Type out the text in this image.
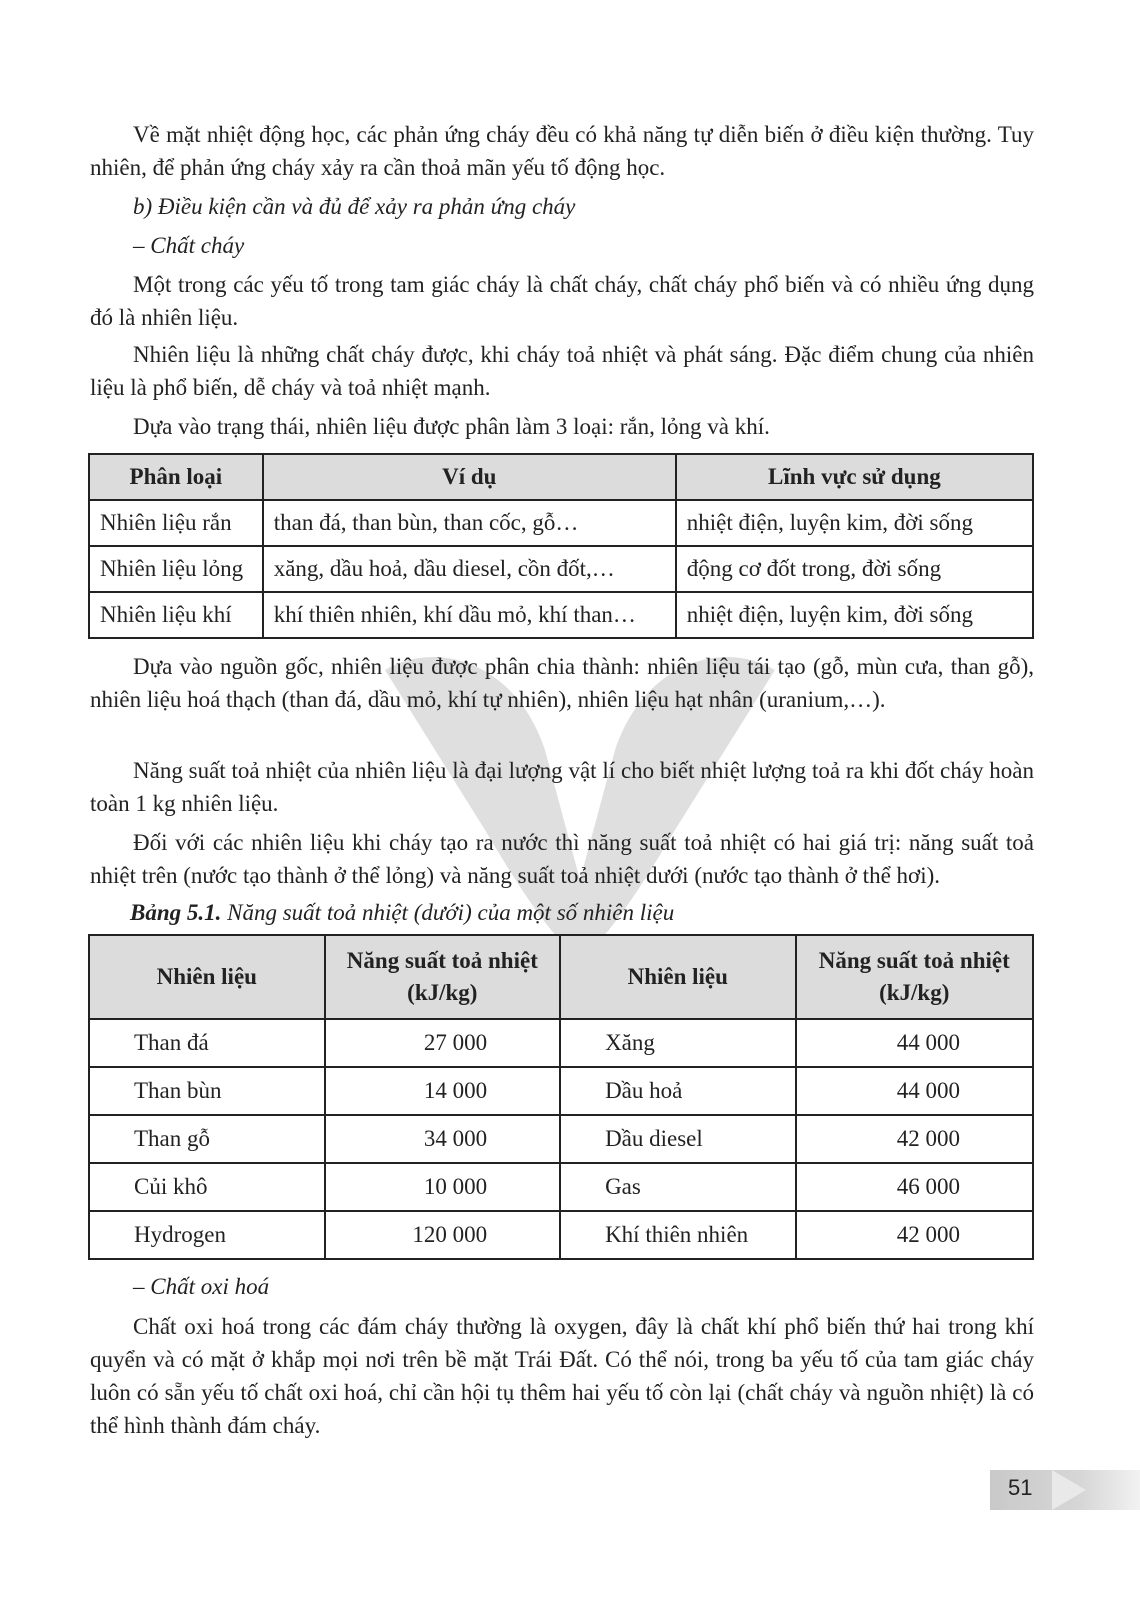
Về mặt nhiệt động học, các phản ứng cháy đều có khả năng tự diễn biến ở điều kiện thường. Tuy nhiên, để phản ứng cháy xảy ra cần thoả mãn yếu tố động học.

b) Điều kiện cần và đủ để xảy ra phản ứng cháy

– Chất cháy

Một trong các yếu tố trong tam giác cháy là chất cháy, chất cháy phổ biến và có nhiều ứng dụng đó là nhiên liệu.

Nhiên liệu là những chất cháy được, khi cháy toả nhiệt và phát sáng. Đặc điểm chung của nhiên liệu là phổ biến, dễ cháy và toả nhiệt mạnh.

Dựa vào trạng thái, nhiên liệu được phân làm 3 loại: rắn, lỏng và khí.

Phân loại	Ví dụ	Lĩnh vực sử dụng
Nhiên liệu rắn	than đá, than bùn, than cốc, gỗ…	nhiệt điện, luyện kim, đời sống
Nhiên liệu lỏng	xăng, dầu hoả, dầu diesel, cồn đốt,…	động cơ đốt trong, đời sống
Nhiên liệu khí	khí thiên nhiên, khí dầu mỏ, khí than…	nhiệt điện, luyện kim, đời sống

Dựa vào nguồn gốc, nhiên liệu được phân chia thành: nhiên liệu tái tạo (gỗ, mùn cưa, than gỗ), nhiên liệu hoá thạch (than đá, dầu mỏ, khí tự nhiên), nhiên liệu hạt nhân (uranium,…).

Năng suất toả nhiệt của nhiên liệu là đại lượng vật lí cho biết nhiệt lượng toả ra khi đốt cháy hoàn toàn 1 kg nhiên liệu.

Đối với các nhiên liệu khi cháy tạo ra nước thì năng suất toả nhiệt có hai giá trị: năng suất toả nhiệt trên (nước tạo thành ở thể lỏng) và năng suất toả nhiệt dưới (nước tạo thành ở thể hơi).

Bảng 5.1. Năng suất toả nhiệt (dưới) của một số nhiên liệu

Nhiên liệu	Năng suất toả nhiệt (kJ/kg)	Nhiên liệu	Năng suất toả nhiệt (kJ/kg)
Than đá	27 000	Xăng	44 000
Than bùn	14 000	Dầu hoả	44 000
Than gỗ	34 000	Dầu diesel	42 000
Củi khô	10 000	Gas	46 000
Hydrogen	120 000	Khí thiên nhiên	42 000

– Chất oxi hoá

Chất oxi hoá trong các đám cháy thường là oxygen, đây là chất khí phổ biến thứ hai trong khí quyển và có mặt ở khắp mọi nơi trên bề mặt Trái Đất. Có thể nói, trong ba yếu tố của tam giác cháy luôn có sẵn yếu tố chất oxi hoá, chỉ cần hội tụ thêm hai yếu tố còn lại (chất cháy và nguồn nhiệt) là có thể hình thành đám cháy.

51
